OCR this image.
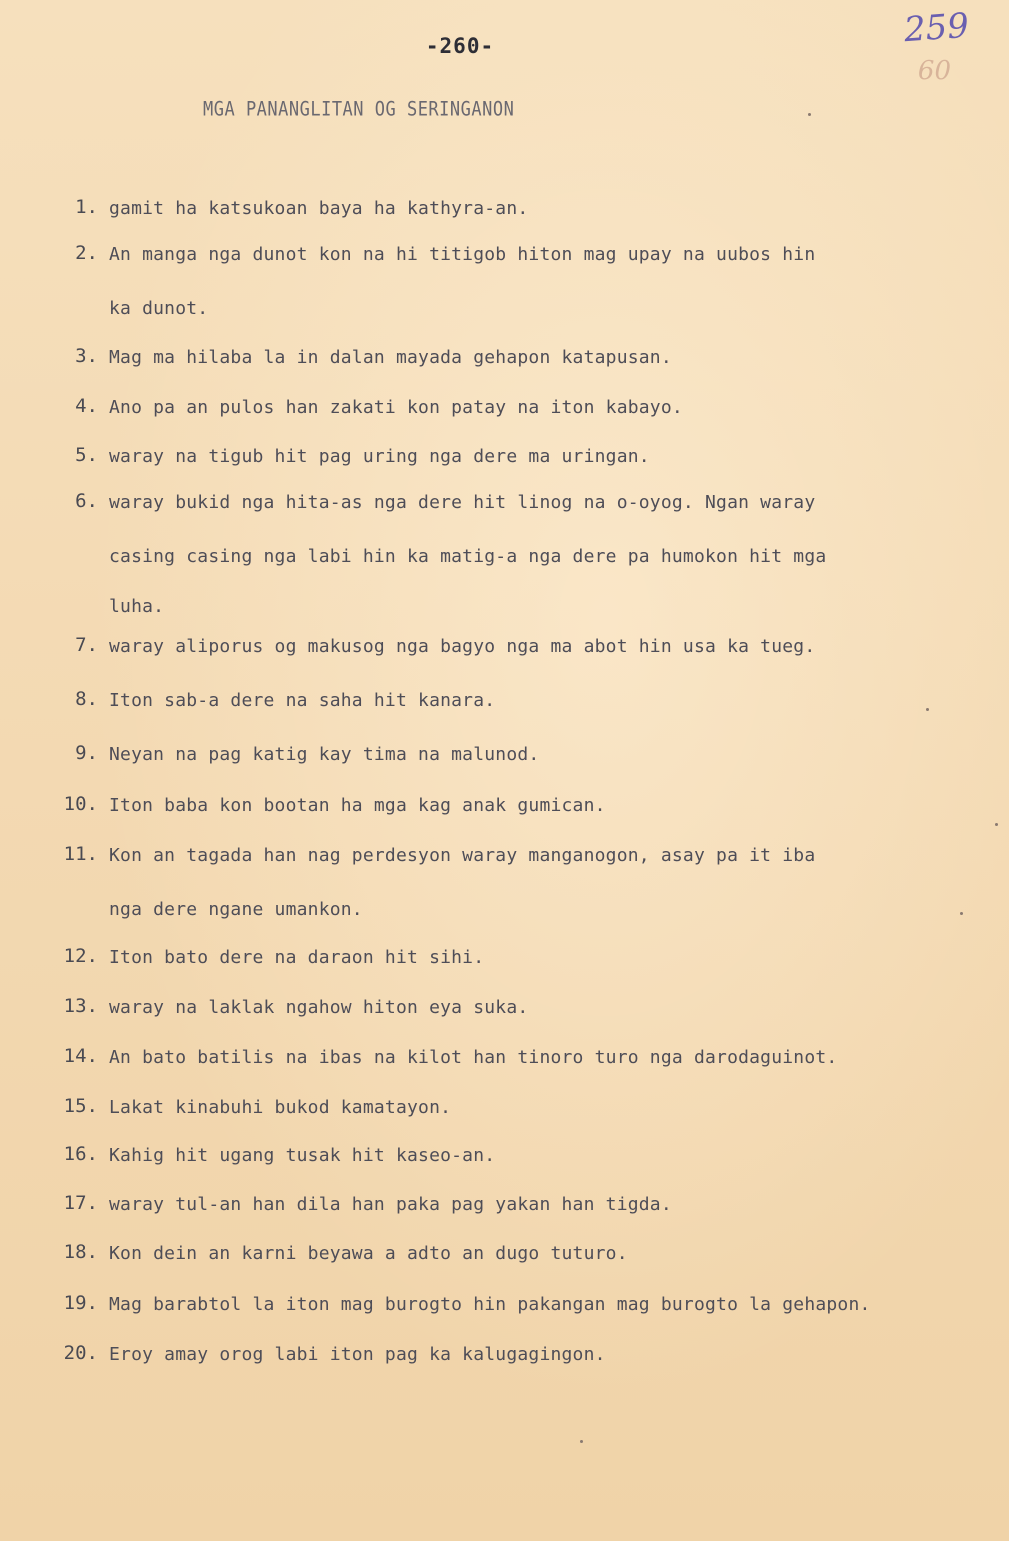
-260-	259
60
MGA PANANGLITAN OG SERINGANON
1. gamit ha katsukoan baya ha kathyra-an.
2. An manga nga dunot kon na hi titigob hiton mag upay na uubos hin
ka dunot.
3. Mag ma hilaba la in dalan mayada gehapon katapusan.
4. Ano pa an pulos han zakati kon patay na iton kabayo.
5. waray na tigub hit pag uring nga dere ma uringan.
6. waray bukid nga hita-as nga dere hit linog na o-oyog. Ngan waray
casing casing nga labi hin ka matig-a nga dere pa humokon hit mga
luha.
7. waray aliporus og makusog nga bagyo nga ma abot hin usa ka tueg.
8. Iton sab-a dere na saha hit kanara.
9. Neyan na pag katig kay tima na malunod.
10. Iton baba kon bootan ha mga kag anak gumican.
11. Kon an tagada han nag perdesyon waray manganogon, asay pa it iba
nga dere ngane umankon.
12. Iton bato dere na daraon hit sihi.
13. waray na laklak ngahow hiton eya suka.
14. An bato batilis na ibas na kilot han tinoro turo nga darodaguinot.
15. Lakat kinabuhi bukod kamatayon.
16. Kahig hit ugang tusak hit kaseo-an.
17. waray tul-an han dila han paka pag yakan han tigda.
18. Kon dein an karni beyawa a adto an dugo tuturo.
19. Mag barabtol la iton mag burogto hin pakangan mag burogto la gehapon.
20. Eroy amay orog labi iton pag ka kalugagingon.
